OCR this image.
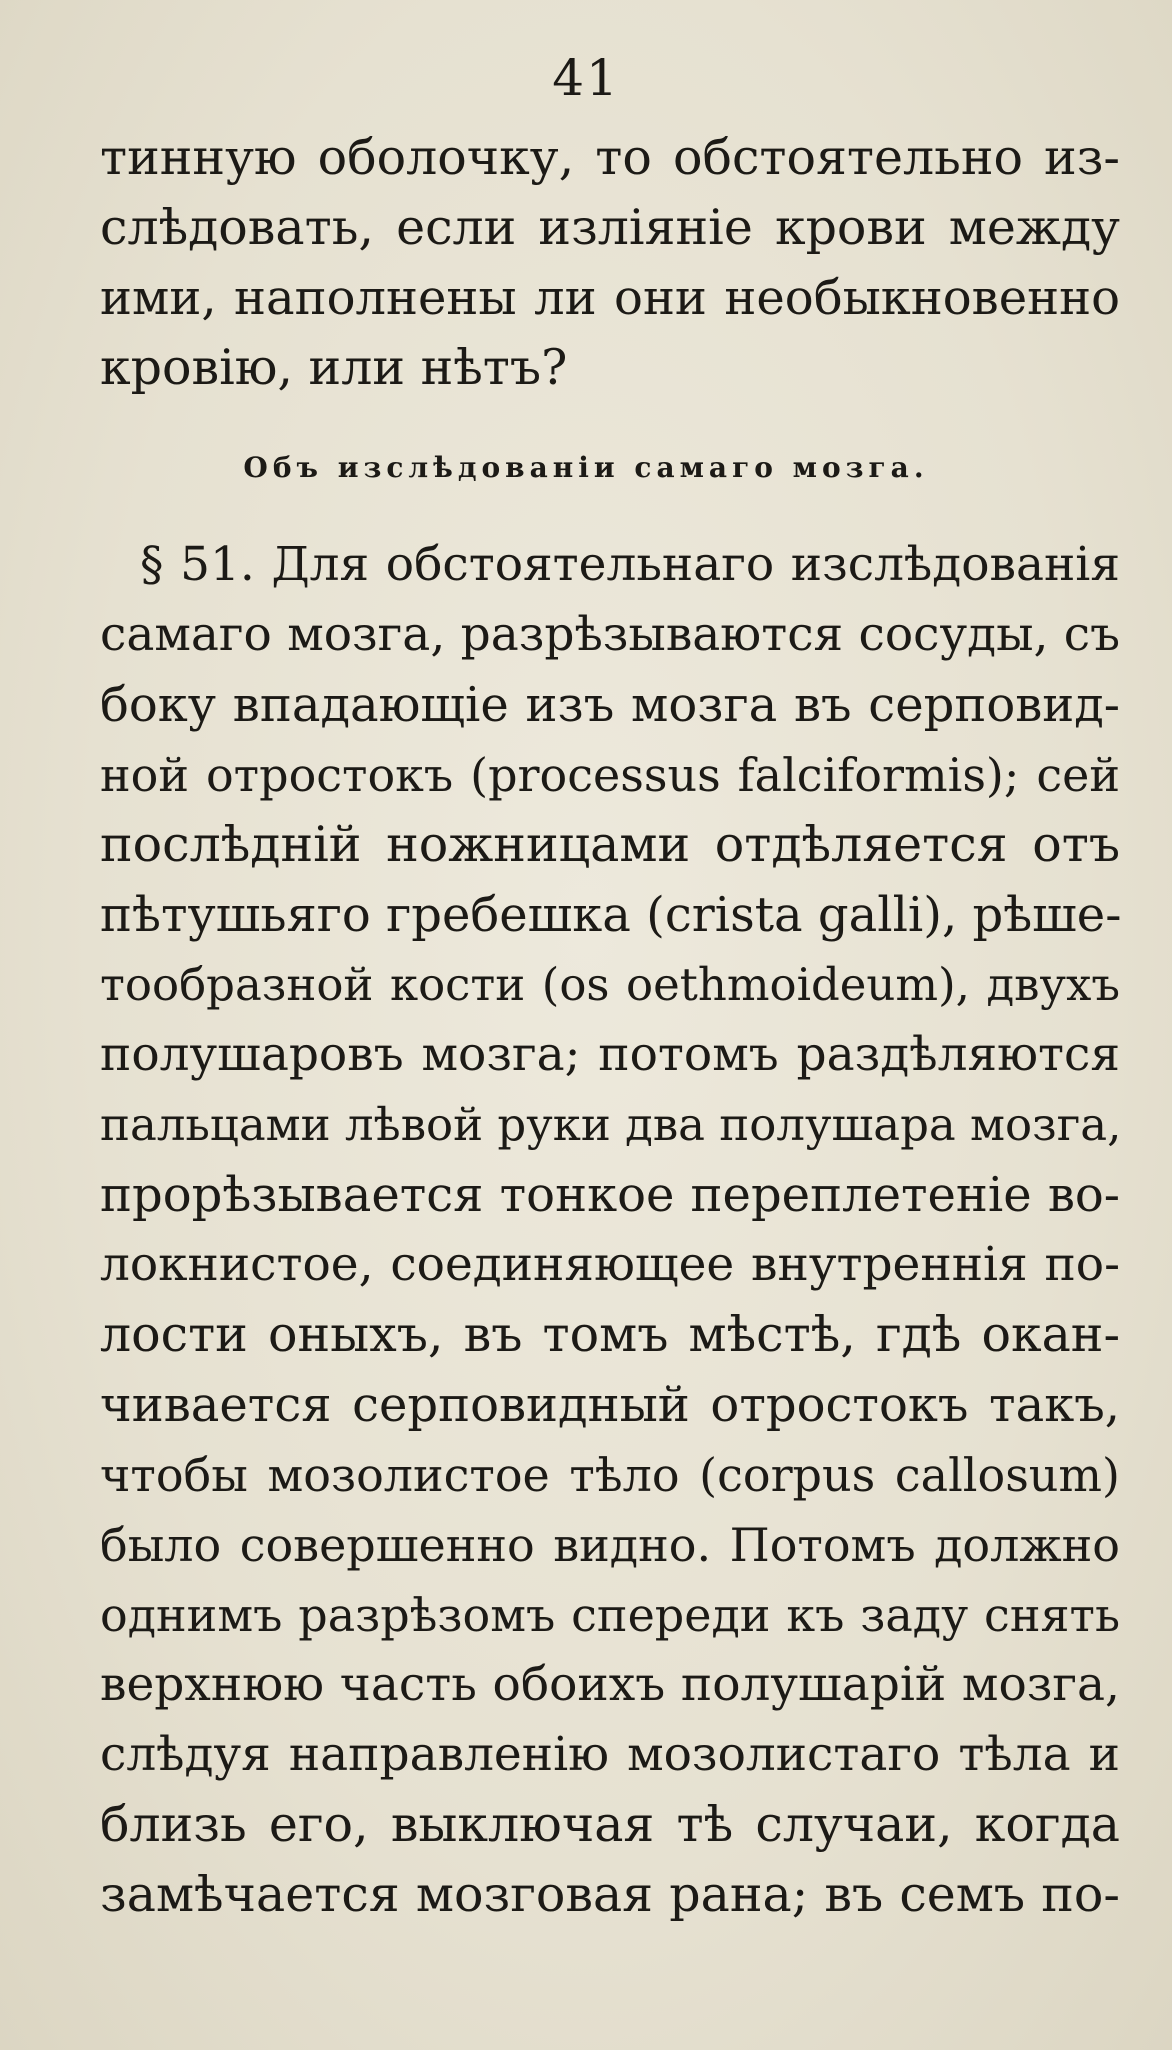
41
тинную оболочку, то обстоятельно из-
слѣдовать, если изліяніе крови между
ими, наполнены ли они необыкновенно
кровію, или нѣтъ?
Объ изслѣдованіи самаго мозга.
§ 51. Для обстоятельнаго изслѣдованія
самаго мозга, разрѣзываются сосуды, съ
боку впадающіе изъ мозга въ серповид-
ной отростокъ (processus falciformis); сей
послѣдній ножницами отдѣляется отъ
пѣтушьяго гребешка (crista galli), рѣше-
тообразной кости (os oethmoideum), двухъ
полушаровъ мозга; потомъ раздѣляются
пальцами лѣвой руки два полушара мозга,
прорѣзывается тонкое переплетеніе во-
локнистое, соединяющее внутреннія по-
лости оныхъ, въ томъ мѣстѣ, гдѣ окан-
чивается серповидный отростокъ такъ,
чтобы мозолистое тѣло (corpus callosum)
было совершенно видно. Потомъ должно
однимъ разрѣзомъ спереди къ заду снять
верхнюю часть обоихъ полушарій мозга,
слѣдуя направленію мозолистаго тѣла и
близь его, выключая тѣ случаи, когда
замѣчается мозговая рана; въ семъ по-
